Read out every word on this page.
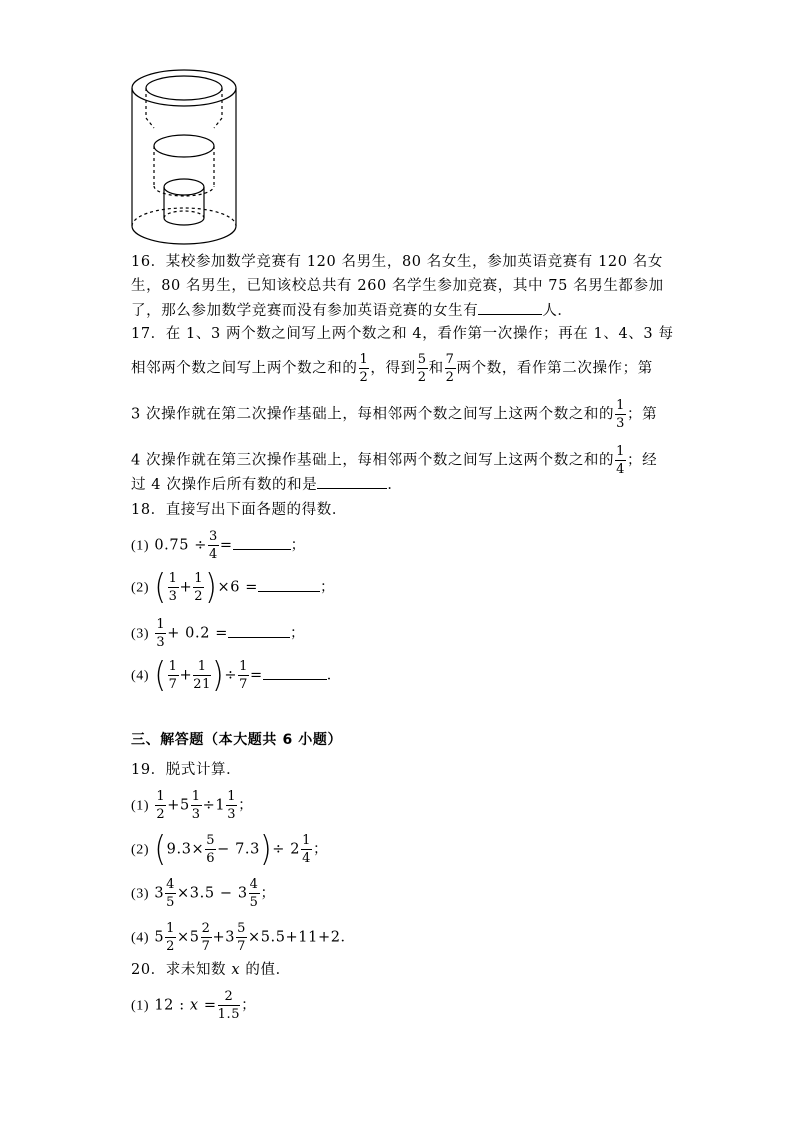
16．某校参加数学竞赛有 120 名男生，80 名女生，参加英语竞赛有 120 名女
生，80 名男生，已知该校总共有 260 名学生参加竞赛，其中 75 名男生都参加
了，那么参加数学竞赛而没有参加英语竞赛的女生有	人．
17．在 1、3 两个数之间写上两个数之和 4，看作第一次操作；再在 1、4、3 每
相邻两个数之间写上两个数之和的 $\frac{1}{2}$ ，得到 $\frac{5}{2}$ 和 $\frac{7}{2}$ 两个数，看作第二次操作；第
3 次操作就在第二次操作基础上，每相邻两个数之间写上这两个数之和的 $\frac{1}{3}$ ；第
4 次操作就在第三次操作基础上，每相邻两个数之间写上这两个数之和的 $\frac{1}{4}$ ；经
过 4 次操作后所有数的和是	．
18．直接写出下面各题的得数．
(1) $0.75 \div \frac{3}{4}$ =	；
(2) ( $\frac{1}{3} + \frac{1}{2} )\times 6$ =	；
$(3) \frac{1}{3} + 0.2$ =	；
(4) ( $\frac{1}{7} + \frac{1}{21}$ )÷ $\frac{1}{7}$ =	．
三、解答题（本大题共 6 小题）
19．脱式计算．
$(1) \frac{1}{2} +5 \frac{1}{3} \div 1 \frac{1}{3}$ ；
(2) $(9.3\times \frac{5}{6} - 7.3)\div 2 \frac{1}{4}$ ；
(3) $3 \frac{4}{5} \times 3.5 - 3 \frac{4}{5}$ ；
(4) $5 \frac{1}{2} \times 5 \frac{2}{7} +3 \frac{5}{7} \times 5.5+11+2$．
20．求未知数 x 的值．
(1) 12 : $x = \frac{2}{1.5}$ ；
